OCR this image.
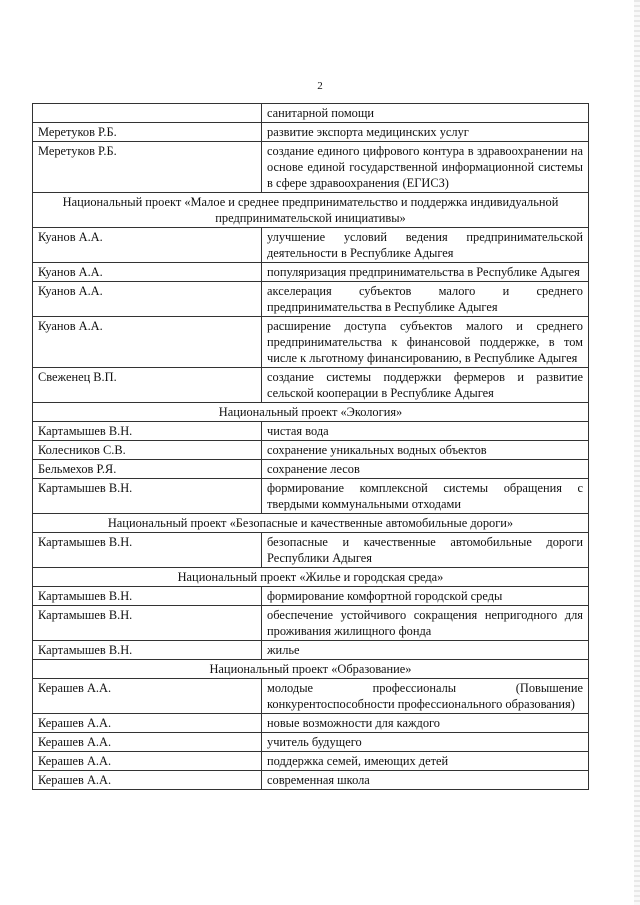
2
	санитарной помощи
Меретуков Р.Б.	развитие экспорта медицинских услуг
Меретуков Р.Б.	создание единого цифрового контура в здравоохранении на основе единой государственной информационной системы в сфере здравоохранения (ЕГИСЗ)
Национальный проект «Малое и среднее предпринимательство и поддержка индивидуальной предпринимательской инициативы»	
Куанов А.А.	улучшение условий ведения предпринимательской деятельности в Республике Адыгея
Куанов А.А.	популяризация предпринимательства в Республике Адыгея
Куанов А.А.	акселерация субъектов малого и среднего предпринимательства в Республике Адыгея
Куанов А.А.	расширение доступа субъектов малого и среднего предпринимательства к финансовой поддержке, в том числе к льготному финансированию, в Республике Адыгея
Свеженец В.П.	создание системы поддержки фермеров и развитие сельской кооперации в Республике Адыгея
Национальный проект «Экология»	
Картамышев В.Н.	чистая вода
Колесников С.В.	сохранение уникальных водных объектов
Бельмехов Р.Я.	сохранение лесов
Картамышев В.Н.	формирование комплексной системы обращения с твердыми коммунальными отходами
Национальный проект «Безопасные и качественные автомобильные дороги»	
Картамышев В.Н.	безопасные и качественные автомобильные дороги Республики Адыгея
Национальный проект «Жилье и городская среда»	
Картамышев В.Н.	формирование комфортной городской среды
Картамышев В.Н.	обеспечение устойчивого сокращения непригодного для проживания жилищного фонда
Картамышев В.Н.	жилье
Национальный проект «Образование»	
Керашев А.А.	молодые профессионалы (Повышение конкурентоспособности профессионального образования)
Керашев А.А.	новые возможности для каждого
Керашев А.А.	учитель будущего
Керашев А.А.	поддержка семей, имеющих детей
Керашев А.А.	современная школа
